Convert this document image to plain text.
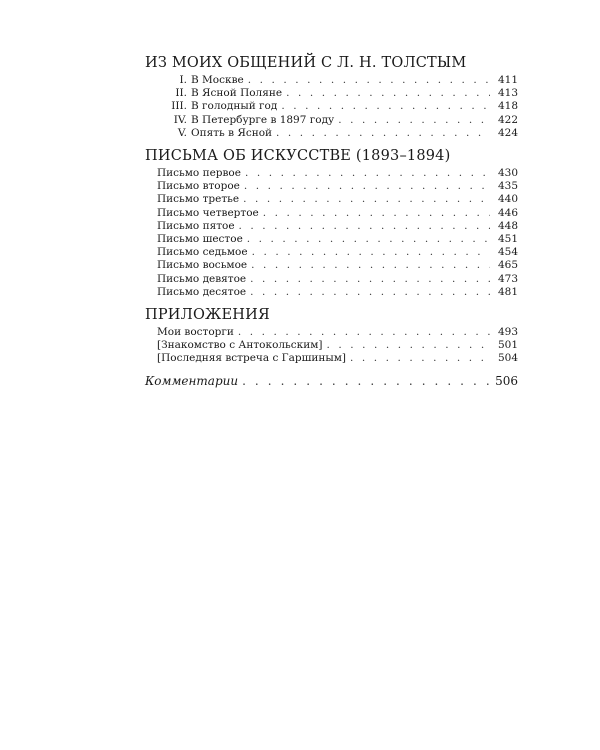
ИЗ МОИХ ОБЩЕНИЙ С Л. Н. ТОЛСТЫМ
I. В Москве . . .	411
II. В Ясной Поляне . . .	413
III. В голодный год . . .	418
IV. В Петербурге в 1897 году . . .	422
V. Опять в Ясной . . .	424
ПИСЬМА ОБ ИСКУССТВЕ (1893–1894)
Письмо первое . . .	430
Письмо второе . . .	435
Письмо третье . . .	440
Письмо четвертое . . .	446
Письмо пятое . . .	448
Письмо шестое . . .	451
Письмо седьмое . . .	454
Письмо восьмое . . .	465
Письмо девятое . . .	473
Письмо десятое . . .	481
ПРИЛОЖЕНИЯ
Мои восторги . . .	493
[Знакомство с Антокольским] . . .	501
[Последняя встреча с Гаршиным] . . .	504
Комментарии . . .	506
